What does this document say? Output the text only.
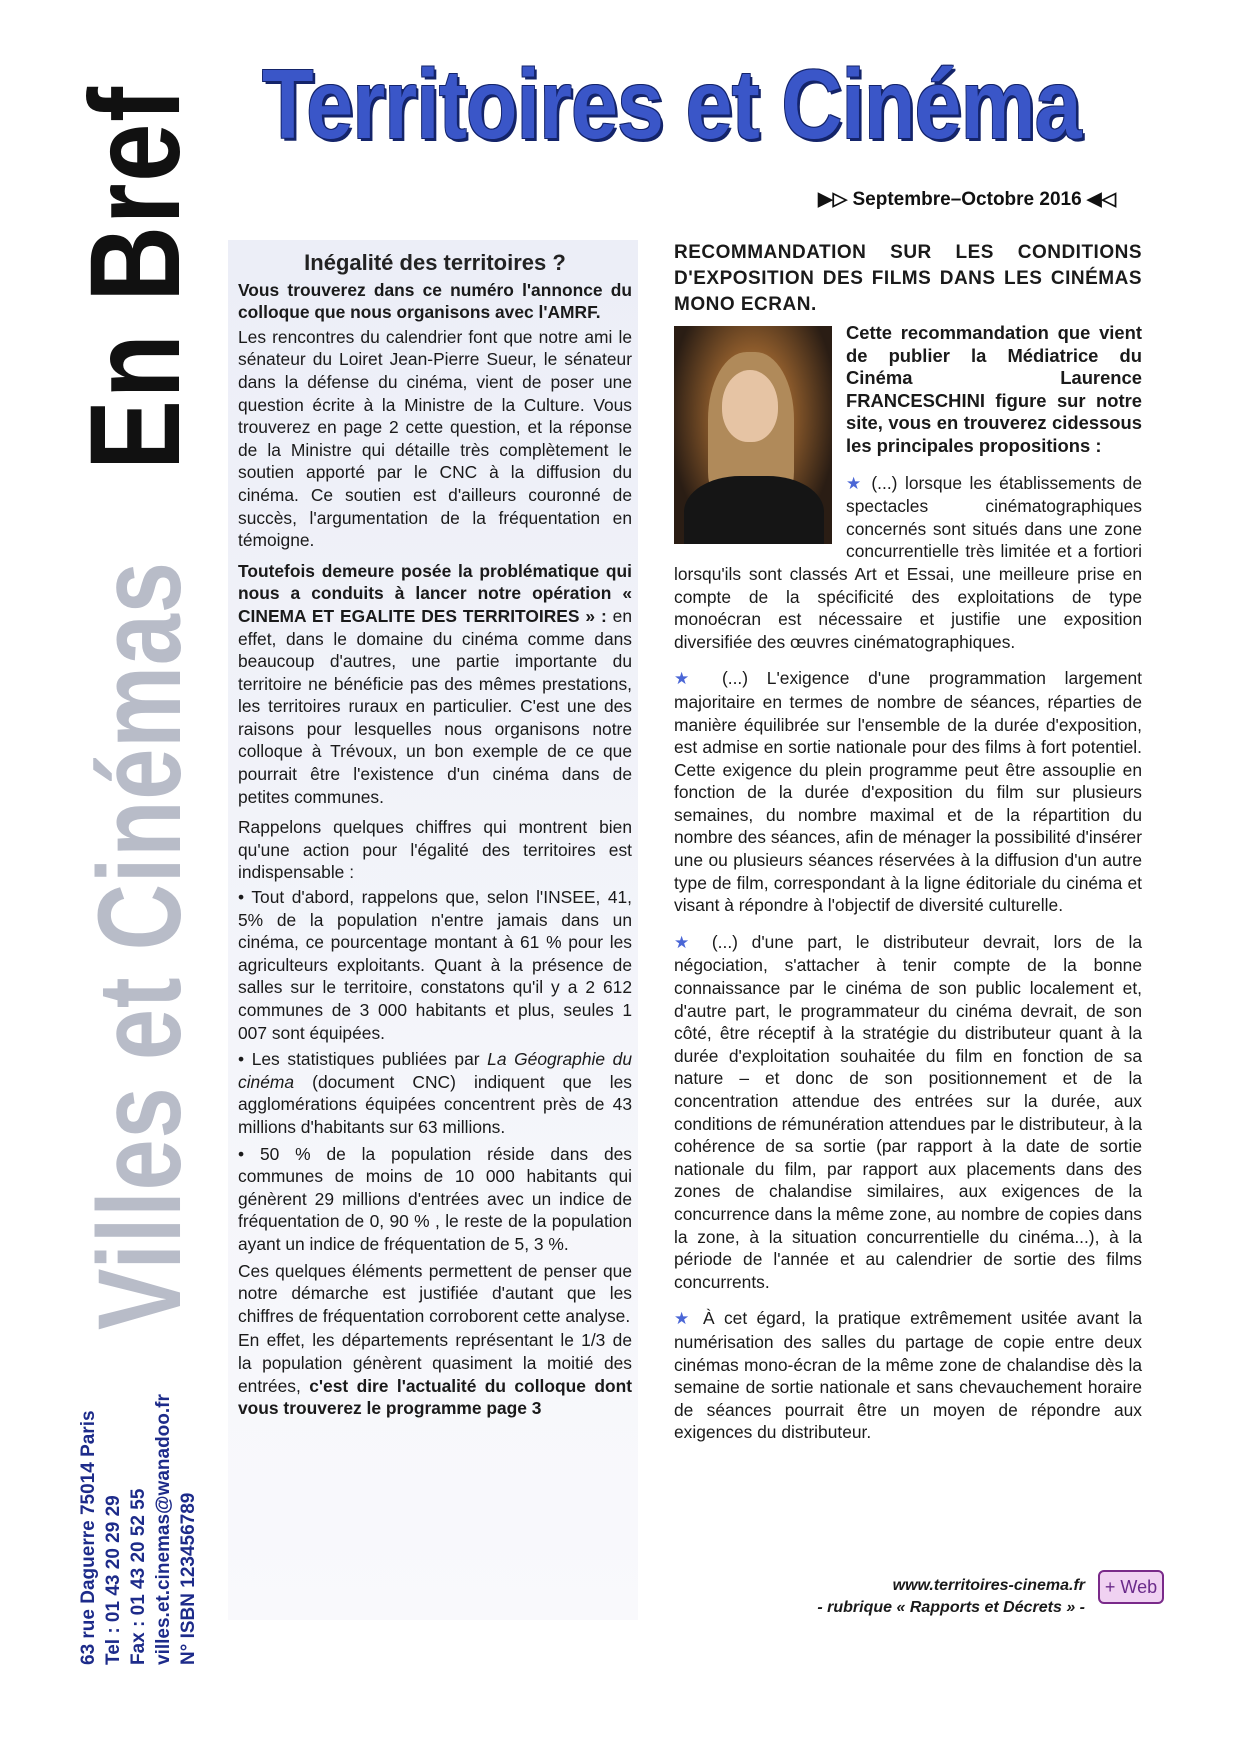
En Bref
Villes et Cinémas
63 rue Daguerre 75014 Paris Tel : 01 43 20 29 29 Fax : 01 43 20 52 55 villes.et.cinemas@wanadoo.fr N° ISBN 123456789
Territoires et Cinéma
▶▷ Septembre–Octobre 2016 ◀◁
Inégalité des territoires ?

Vous trouverez dans ce numéro l'annonce du colloque que nous organisons avec l'AMRF.

Les rencontres du calendrier font que notre ami le sénateur du Loiret Jean-Pierre Sueur, le sénateur dans la défense du cinéma, vient de poser une question écrite à la Ministre de la Culture. Vous trouverez en page 2 cette question, et la réponse de la Ministre qui détaille très complètement le soutien apporté par le CNC à la diffusion du cinéma. Ce soutien est d'ailleurs couronné de succès, l'argumentation de la fréquentation en témoigne.

Toutefois demeure posée la problématique qui nous a conduits à lancer notre opération « CINEMA ET EGALITE DES TERRITOIRES » : en effet, dans le domaine du cinéma comme dans beaucoup d'autres, une partie importante du territoire ne bénéficie pas des mêmes prestations, les territoires ruraux en particulier. C'est une des raisons pour lesquelles nous organisons notre colloque à Trévoux, un bon exemple de ce que pourrait être l'existence d'un cinéma dans de petites communes.

Rappelons quelques chiffres qui montrent bien qu'une action pour l'égalité des territoires est indispensable :

• Tout d'abord, rappelons que, selon l'INSEE, 41, 5% de la population n'entre jamais dans un cinéma, ce pourcentage montant à 61 % pour les agriculteurs exploitants. Quant à la présence de salles sur le territoire, constatons qu'il y a 2 612 communes de 3 000 habitants et plus, seules 1 007 sont équipées.

• Les statistiques publiées par La Géographie du cinéma (document CNC) indiquent que les agglomérations équipées concentrent près de 43 millions d'habitants sur 63 millions.

• 50 % de la population réside dans des communes de moins de 10 000 habitants qui génèrent 29 millions d'entrées avec un indice de fréquentation de 0, 90 % , le reste de la population ayant un indice de fréquentation de 5, 3 %.

Ces quelques éléments permettent de penser que notre démarche est justifiée d'autant que les chiffres de fréquentation corroborent cette analyse.

En effet, les départements représentant le 1/3 de la population génèrent quasiment la moitié des entrées, c'est dire l'actualité du colloque dont vous trouverez le programme page 3

RECOMMANDATION SUR LES CONDITIONS D'EXPOSITION DES FILMS DANS LES CINÉMAS MONO ECRAN.

Cette recommandation que vient de publier la Médiatrice du Cinéma Laurence FRANCESCHINI figure sur notre site, vous en trouverez cidessous les principales propositions :

★ (...) lorsque les établissements de spectacles cinématographiques concernés sont situés dans une zone concurrentielle très limitée et a fortiori lorsqu'ils sont classés Art et Essai, une meilleure prise en compte de la spécificité des exploitations de type monoécran est nécessaire et justifie une exposition diversifiée des œuvres cinématographiques.

★ (...) L'exigence d'une programmation largement majoritaire en termes de nombre de séances, réparties de manière équilibrée sur l'ensemble de la durée d'exposition, est admise en sortie nationale pour des films à fort potentiel. Cette exigence du plein programme peut être assouplie en fonction de la durée d'exposition du film sur plusieurs semaines, du nombre maximal et de la répartition du nombre des séances, afin de ménager la possibilité d'insérer une ou plusieurs séances réservées à la diffusion d'un autre type de film, correspondant à la ligne éditoriale du cinéma et visant à répondre à l'objectif de diversité culturelle.

★ (...) d'une part, le distributeur devrait, lors de la négociation, s'attacher à tenir compte de la bonne connaissance par le cinéma de son public localement et, d'autre part, le programmateur du cinéma devrait, de son côté, être réceptif à la stratégie du distributeur quant à la durée d'exploitation souhaitée du film en fonction de sa nature – et donc de son positionnement et de la concentration attendue des entrées sur la durée, aux conditions de rémunération attendues par le distributeur, à la cohérence de sa sortie (par rapport à la date de sortie nationale du film, par rapport aux placements dans des zones de chalandise similaires, aux exigences de la concurrence dans la même zone, au nombre de copies dans la zone, à la situation concurrentielle du cinéma...), à la période de l'année et au calendrier de sortie des films concurrents.

★ À cet égard, la pratique extrêmement usitée avant la numérisation des salles du partage de copie entre deux cinémas mono-écran de la même zone de chalandise dès la semaine de sortie nationale et sans chevauchement horaire de séances pourrait être un moyen de répondre aux exigences du distributeur.

www.territoires-cinema.fr
- rubrique « Rapports et Décrets » -
+ Web
